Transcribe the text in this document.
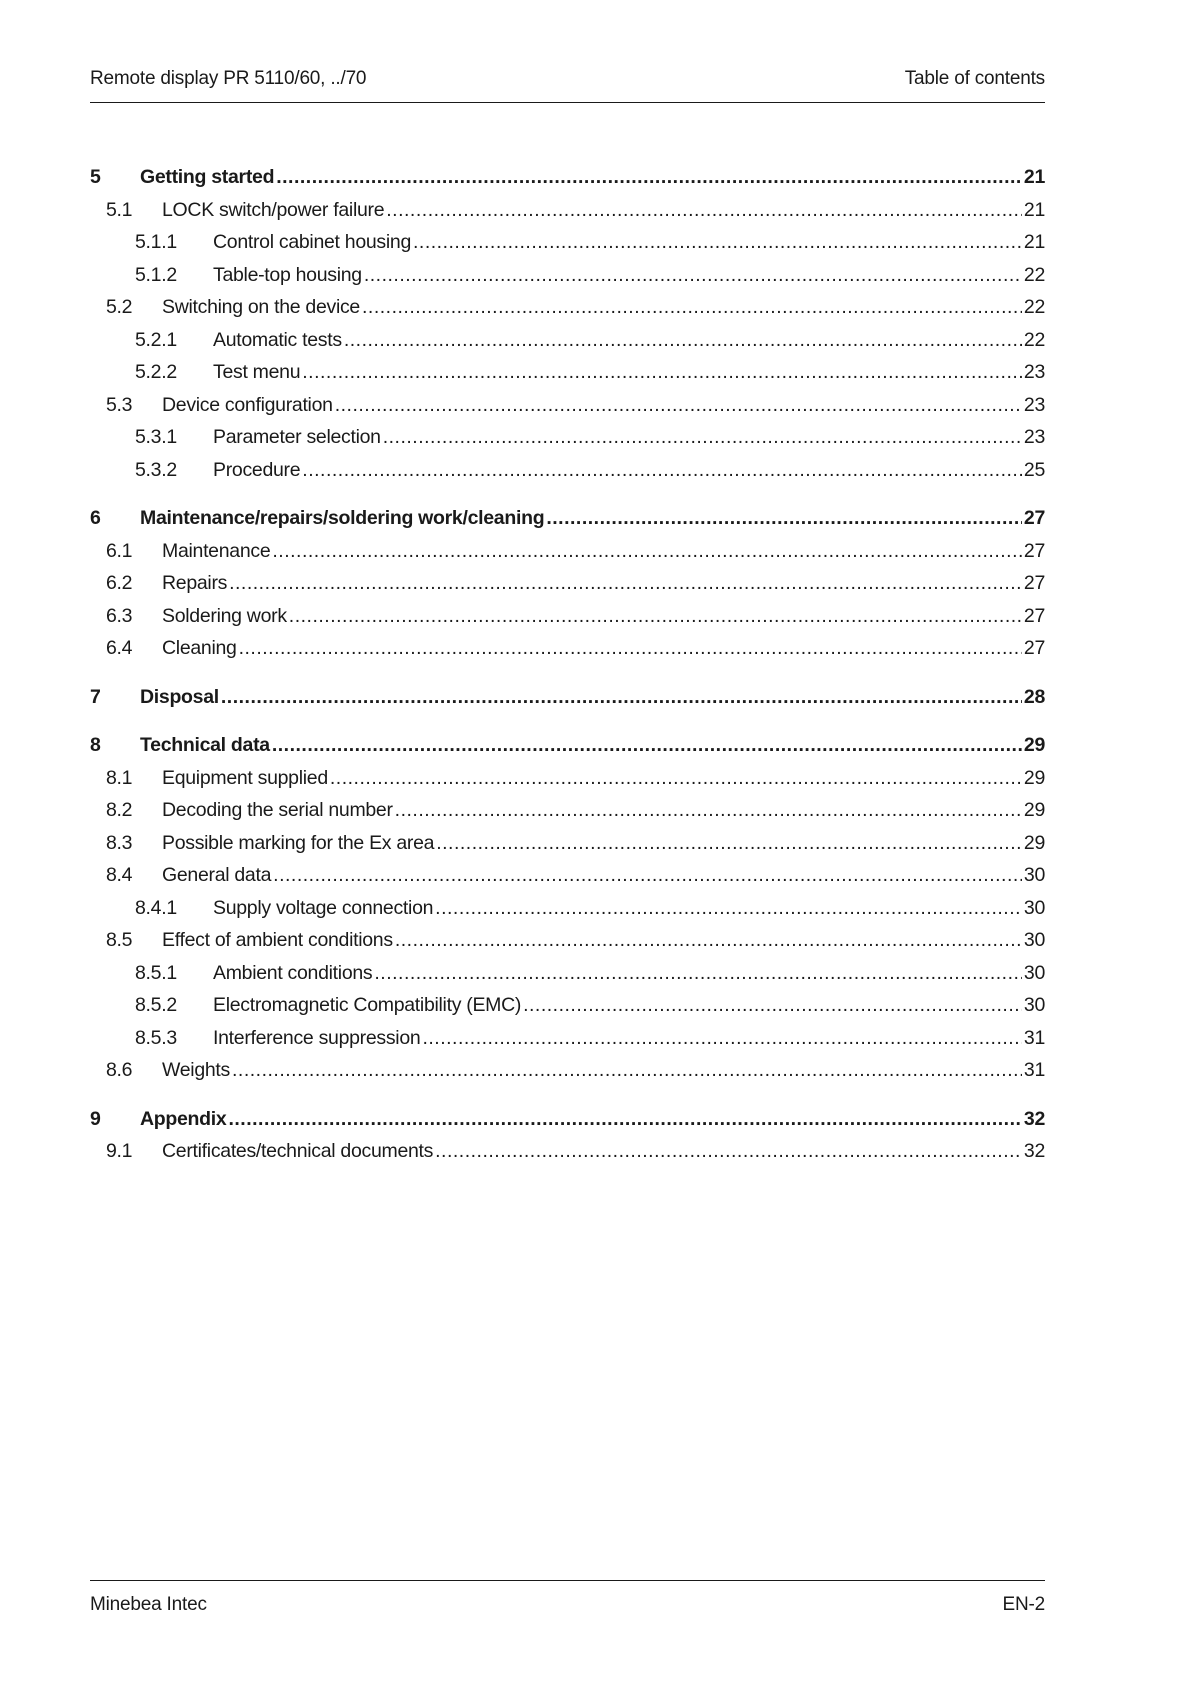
Remote display PR 5110/60, ../70	Table of contents
5	Getting started .....	21
5.1	LOCK switch/power failure .....	21
5.1.1	Control cabinet housing .....	21
5.1.2	Table-top housing .....	22
5.2	Switching on the device .....	22
5.2.1	Automatic tests .....	22
5.2.2	Test menu .....	23
5.3	Device configuration .....	23
5.3.1	Parameter selection .....	23
5.3.2	Procedure .....	25
6	Maintenance/repairs/soldering work/cleaning .....	27
6.1	Maintenance .....	27
6.2	Repairs .....	27
6.3	Soldering work .....	27
6.4	Cleaning .....	27
7	Disposal .....	28
8	Technical data .....	29
8.1	Equipment supplied .....	29
8.2	Decoding the serial number .....	29
8.3	Possible marking for the Ex area .....	29
8.4	General data .....	30
8.4.1	Supply voltage connection .....	30
8.5	Effect of ambient conditions .....	30
8.5.1	Ambient conditions .....	30
8.5.2	Electromagnetic Compatibility (EMC) .....	30
8.5.3	Interference suppression .....	31
8.6	Weights .....	31
9	Appendix .....	32
9.1	Certificates/technical documents .....	32
Minebea Intec	EN-2
